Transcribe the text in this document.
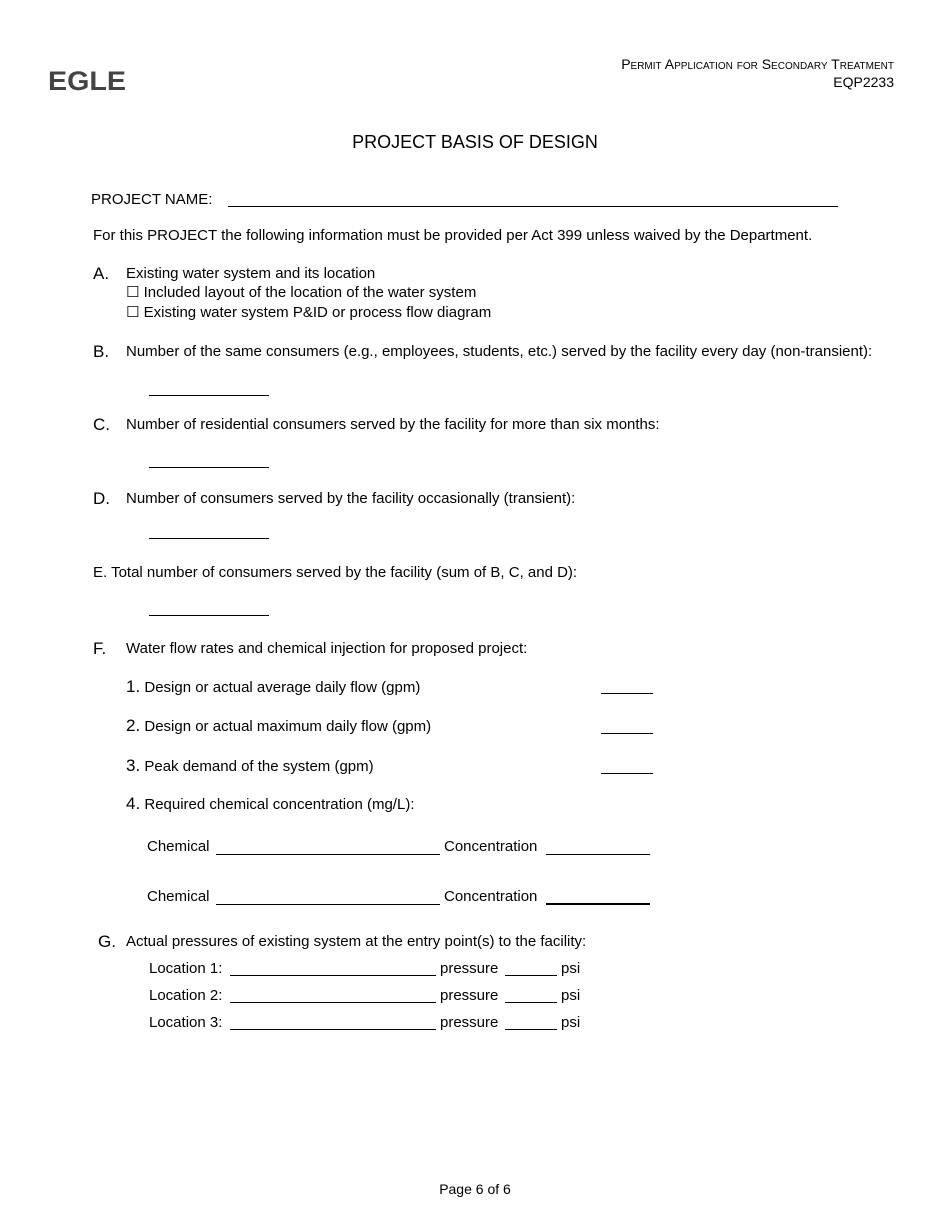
EGLE
Permit Application for Secondary Treatment
EQP2233
PROJECT BASIS OF DESIGN
PROJECT NAME:
For this PROJECT the following information must be provided per Act 399 unless waived by the Department.
A. Existing water system and its location
☐ Included layout of the location of the water system
☐ Existing water system P&ID or process flow diagram
B. Number of the same consumers (e.g., employees, students, etc.) served by the facility every day (non-transient):
C. Number of residential consumers served by the facility for more than six months:
D. Number of consumers served by the facility occasionally (transient):
E. Total number of consumers served by the facility (sum of B, C, and D):
F. Water flow rates and chemical injection for proposed project:
1. Design or actual average daily flow (gpm)
2. Design or actual maximum daily flow (gpm)
3. Peak demand of the system (gpm)
4. Required chemical concentration (mg/L):
Chemical	Concentration
Chemical	Concentration
G. Actual pressures of existing system at the entry point(s) to the facility:
Location 1:	pressure	psi
Location 2:	pressure	psi
Location 3:	pressure	psi
Page 6 of 6
